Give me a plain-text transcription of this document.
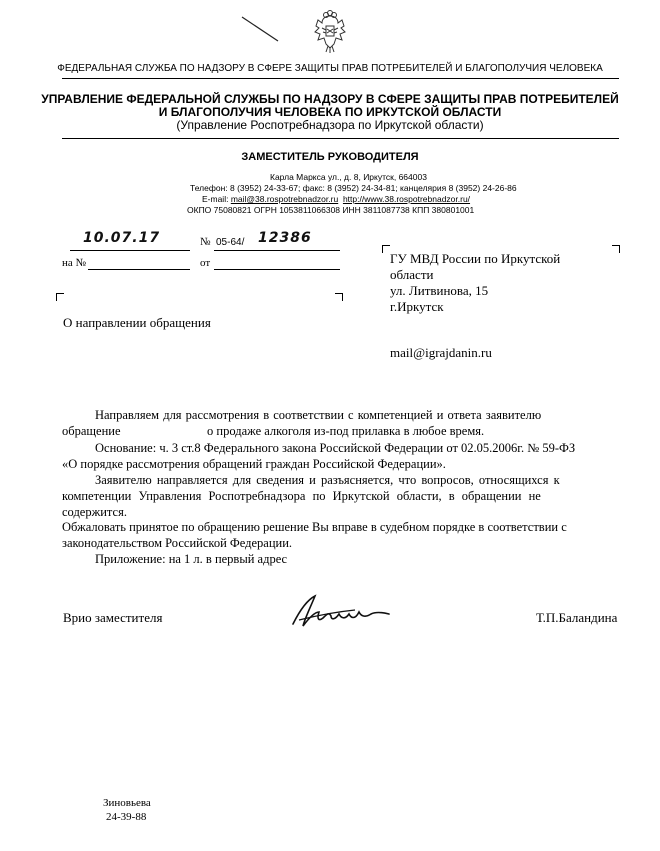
ФЕДЕРАЛЬНАЯ СЛУЖБА ПО НАДЗОРУ В СФЕРЕ ЗАЩИТЫ ПРАВ ПОТРЕБИТЕЛЕЙ И БЛАГОПОЛУЧИЯ ЧЕЛОВЕКА
УПРАВЛЕНИЕ ФЕДЕРАЛЬНОЙ СЛУЖБЫ ПО НАДЗОРУ В СФЕРЕ ЗАЩИТЫ ПРАВ ПОТРЕБИТЕЛЕЙ
И БЛАГОПОЛУЧИЯ ЧЕЛОВЕКА ПО ИРКУТСКОЙ ОБЛАСТИ
(Управление Роспотребнадзора по Иркутской области)
ЗАМЕСТИТЕЛЬ РУКОВОДИТЕЛЯ
Карла Маркса ул., д. 8, Иркутск, 664003
Телефон: 8 (3952) 24-33-67; факс: 8 (3952) 24-34-81; канцелярия 8 (3952) 24-26-86
E-mail: mail@38.rospotrebnadzor.ru http://www.38.rospotrebnadzor.ru/
ОКПО 75080821 ОГРН 1053811066308 ИНН 3811087738 КПП 380801001
10.07.17	№ 05-64/ 12386
на №	от	ГУ МВД России по Иркутской
области
ул. Литвинова, 15
г.Иркутск
mail@igrajdanin.ru
О направлении обращения
Направляем для рассмотрения в соответствии с компетенцией и ответа заявителю
обращение	о продаже алкоголя из-под прилавка в любое время.
Основание: ч. 3 ст.8 Федерального закона Российской Федерации от 02.05.2006г. № 59-ФЗ
«О порядке рассмотрения обращений граждан Российской Федерации».
Заявителю направляется для сведения и разъясняется, что вопросов, относящихся к
компетенции Управления Роспотребнадзора по Иркутской области, в обращении не
содержится.
Обжаловать принятое по обращению решение Вы вправе в судебном порядке в соответствии с
законодательством Российской Федерации.
Приложение: на 1 л. в первый адрес
Врио заместителя	Т.П.Баландина
Зиновьева
24-39-88
